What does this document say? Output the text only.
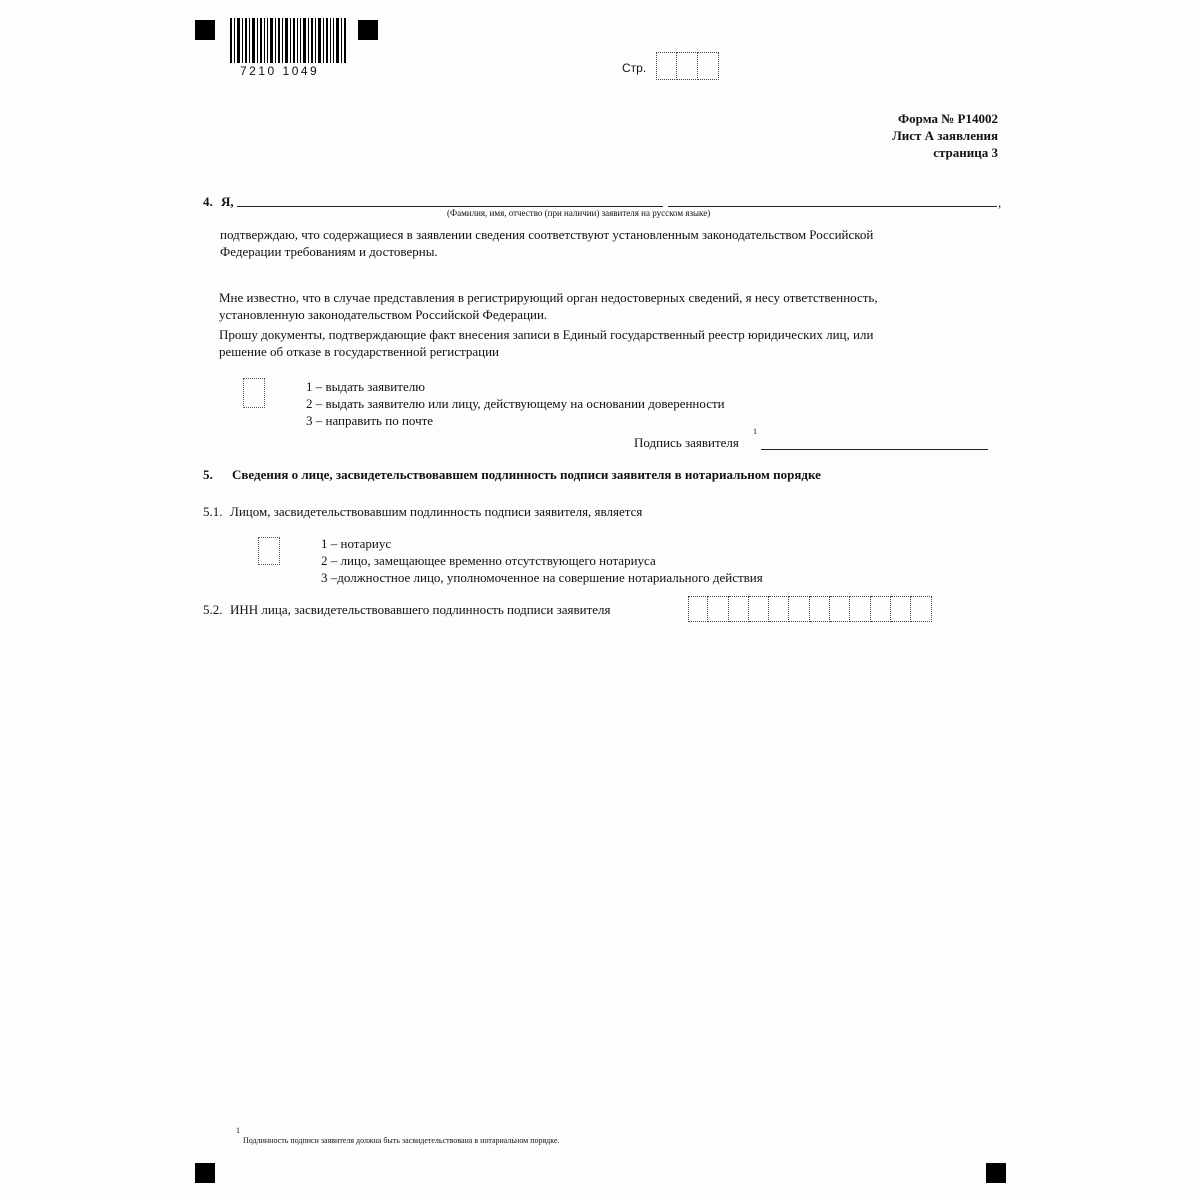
7210 1049	Стр.
Форма № Р14002
Лист А заявления
страница 3
4. Я,	,
(Фамилия, имя, отчество (при наличии) заявителя на русском языке)
подтверждаю, что содержащиеся в заявлении сведения соответствуют установленным законодательством Российской
Федерации требованиям и достоверны.
Мне известно, что в случае представления в регистрирующий орган недостоверных сведений, я несу ответственность,
установленную законодательством Российской Федерации.
Прошу документы, подтверждающие факт внесения записи в Единый государственный реестр юридических лиц, или
решение об отказе в государственной регистрации
1 – выдать заявителю
2 – выдать заявителю или лицу, действующему на основании доверенности
3 – направить по почте
Подпись заявителя
1
5. Сведения о лице, засвидетельствовавшем подлинность подписи заявителя в нотариальном порядке
5.1. Лицом, засвидетельствовавшим подлинность подписи заявителя, является
1 – нотариус
2 – лицо, замещающее временно отсутствующего нотариуса
3 –должностное лицо, уполномоченное на совершение нотариального действия
5.2. ИНН лица, засвидетельствовавшего подлинность подписи заявителя
1
Подлинность подписи заявителя должна быть засвидетельствована в нотариальном порядке.
